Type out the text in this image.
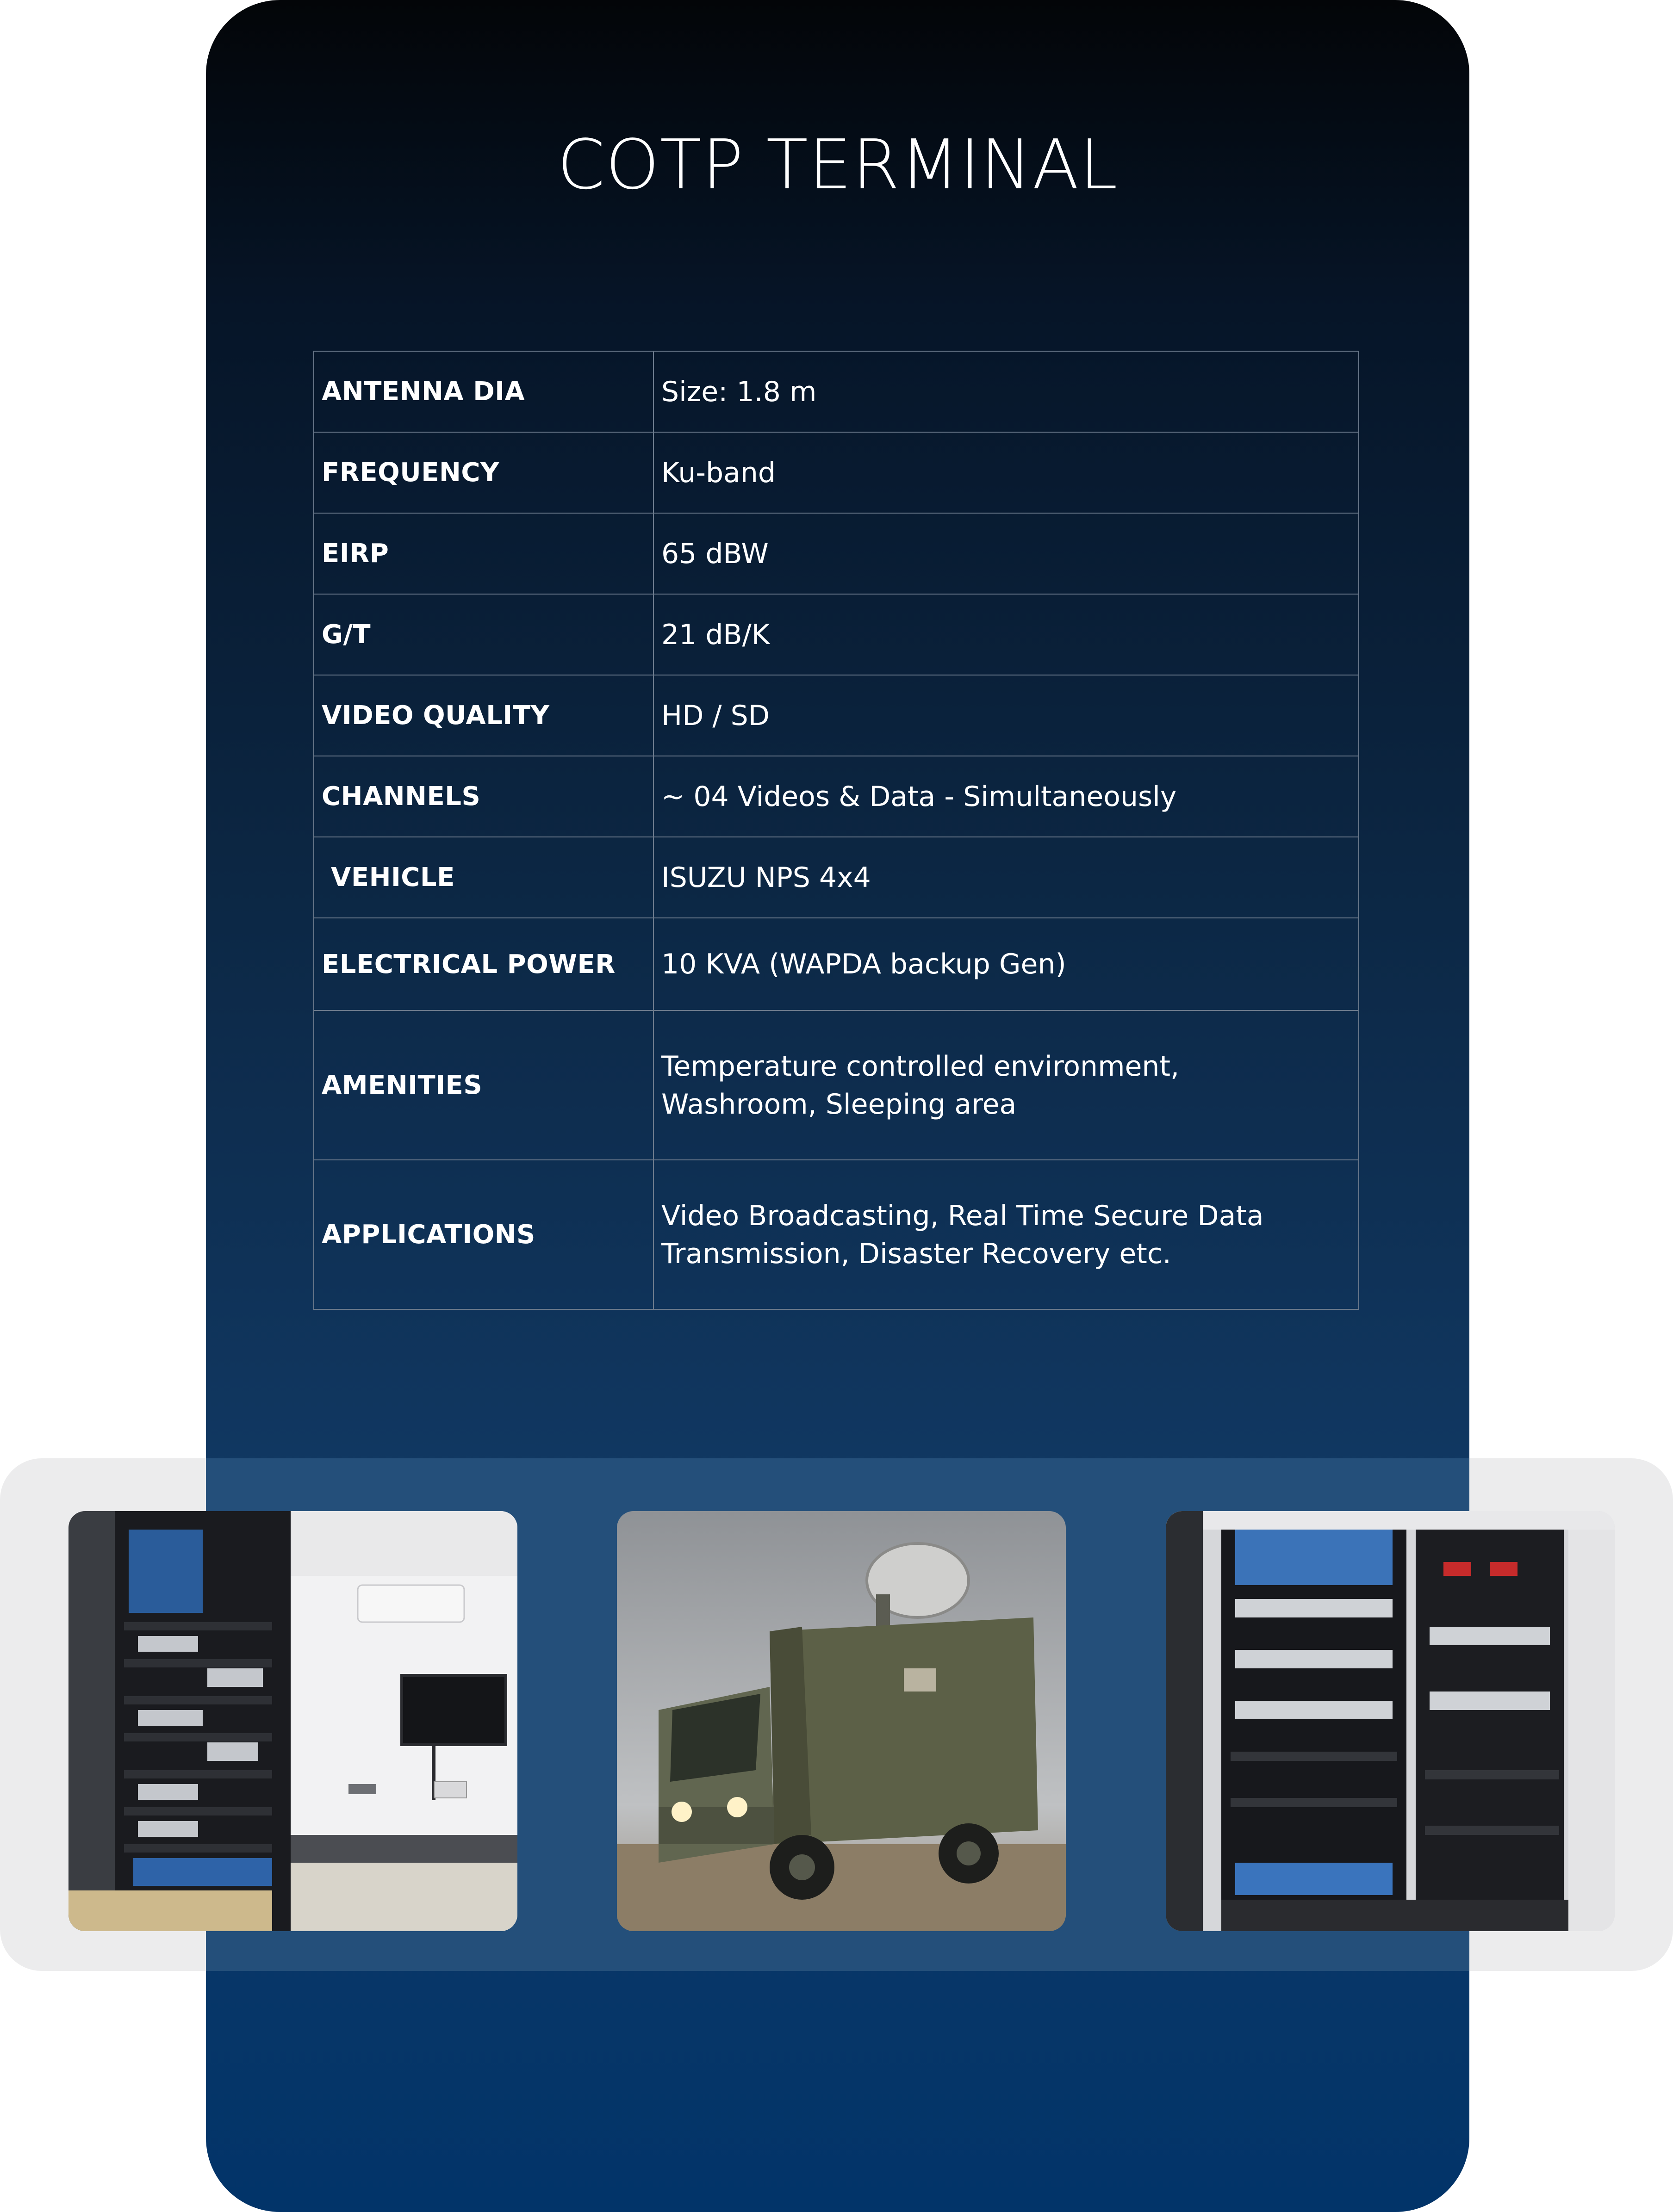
COTP TERMINAL
ANTENNA DIA	Size: 1.8 m
FREQUENCY	Ku-band
EIRP	65 dBW
G/T	21 dB/K
VIDEO QUALITY	HD / SD
CHANNELS	~ 04 Videos & Data - Simultaneously
VEHICLE	ISUZU NPS 4x4
ELECTRICAL POWER	10 KVA (WAPDA backup Gen)
AMENITIES	Temperature controlled environment,
Washroom, Sleeping area

APPLICATIONS	Video Broadcasting, Real Time Secure Data
Transmission, Disaster Recovery etc.
